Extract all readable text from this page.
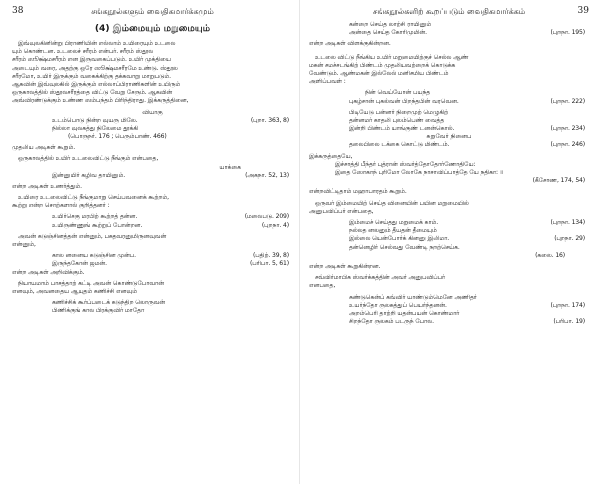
38	சங்கநூல்களும் வைதிகமார்க்கமும்
(4) இம்மையும் மறுமையும்
இவ்வுலகினின்று பிராணியின் எல்லாம் உயிரையும் உடலை
யும் கொண்டன. உடலைச் சரீரம் என்பர். சரீரம் ஸ்தூல
சரீரம் ஸூக்ஷ்மசரீரம் என இருவகைப்படும். உயிர் முக்தியை
அடையும் வரை, அதற்கு ஒரே ஸூக்ஷ்மசரீரமே உண்டு. ஸ்தூல
சரீரமோ, உயிர் இருக்கும் வகைக்கிற்கு தக்கவாறு மாறுபடும்.
ஆகவின் இவ்வுலகில் இருக்கும் எல்லாப்பிராணிகளின் உயிரும்
ஒருகாலத்தில் ஸ்தூலசரீரத்தை விட்டு வேறு சேரும். ஆகவின்
அவ்விரண்டுக்கும் உண்ண ஸம்பந்தம் பிரிந்திராது. இக்கருத்தினை,
வியாகு
உடம்பொடு நின்ற வுயரு மிலே.	(புறா. 363, 8)
நில்லா வுலகத்து நிலேமை தூக்கி
(பொருநர். 176 ; பெரும்பாண். 466)
முதலிய அடிகள் கூறும்.
ஒருகாலத்தில் உயிர் உடலைவிட்டு நீங்கும் என்பதை,
யாக்கை
இன்னுயிர் கழிவ தாயினும்.	(அகநா. 52, 13)
என்ற அடிகள் உணர்த்தும்.
உயிரை உடலைவிட்டு நீங்குமாறு செய்பவனைக் கூற்றம்,
கூற்று என்ற சொற்களால் குறித்தனர் :
உயிர்செகு மரபிற் கூற்றத் தன்ன.	(மலைபடு. 209)
உயிருண்ணுங் கூற்றுப் போன்றன.	(புறநா. 4)
அவன் கடுஞ்சினத்தன் என்னும், பகதவரனுமிருனவுவன்
என்னும்,
கால னனைய கடுஞ்சின முன்ப.	(பதிற். 39, 8)
இருந்தகோன் ஜமன்.	(பரிபா. 5, 61)
என்ற அடிகள் அறிவிக்கும்.
நியாயமாம் பாசத்தாற் கட்டி அவன் கொண்டுபோவான்
எனவும், அவனதைய ஆயுதம் கணிச்சி எனவும்
கணிச்சிக் கூர்ப்படைக் கடுந்திற லொருவன்
பிணிக்குங் கால பிரக்குவிர் மாதோ
சங்கநூல்களிற் கூறப்படும் வைதிகமார்க்கம்	39
கன்றை செய்த லாற்சி ராயினும்
அன்தை செய்த கோரிமுமின்.	(புறநா. 195)
என்ற அடிகள் விளக்குகின்றன.
உடலை விட்டு நீங்கிய உயிர் மறுமையிற்குச் செல்ல ஆண்
மகன் சமச்சடங்கிற் பிண்டம் முதலியவற்றைக் கொடுக்க
வேண்டும். ஆண்மகன் இல்லேல் மனிசமிய பிண்டம்
அளிப்பவள் :
நின் வெய்யோன் பயந்த
புகழ்சான் புகல்வன் பிறந்தபின் வரவென.	(புறநா. 222)
பிடியேடு பன்னர் நிறைமுற் மெழுகிற்
தன்னமர் காதலி புலம்பெண் வைத்த
இன்றி பிண்டம் யாங்குண் டனன்கொல்.	(புறநா. 234)
சுறுவேர் நினைப
தலைபிலை டக்கை கொட்டு மிண்டம்.	(புறநா. 246)
இக்கருத்தையே,
இச்சாத்தி பீந்தர் புத்ரான் ஸ்வர்த்தோதோர்ணோதியே:
இதை ஸோகாந் புரிமோ லோகே நாசாவிப்பாத்தே யே நதிகா: ॥
(கீசோண, 174, 54)
என்றவிட்டிதாம் மஹாபாரதம் கூறும்.
ஒருவர் இம்மையிற் செய்த வினையின் பயின மறுமையில்
அனுபவிப்பர் என்பதை,
இம்மைச் செய்தது மறுமைக் காம்.	(புறநா. 134)
நல்லத னலனும் தீயதன் தீமையும்
இல்லை யென்போர்க் கினனு இலிமா.	(புறநா. 29)
தன்னெழிர் செல்வது வேண்டி நறற்செய்க.
(கலை. 16)
என்ற அடிகள் கூறுகின்றன.
சவ்விர்மாபிக ஸ்வர்க்கத்தின் அவர் அனுபவிப்பர்
எனபதை,
சுண்டுகென்ப் கவ்விர் யாண்டும்மெனே அணிதர்
உயர்ந்தோ ருலகத்துப் பெயர்ந்தனன்.	(புறநா. 174)
அறம்பெரி தாற்றி யதன்பயன் கொண்மார்
சிறந்தோ ருலகம் படருந் போல.	(பரிபா. 19)
